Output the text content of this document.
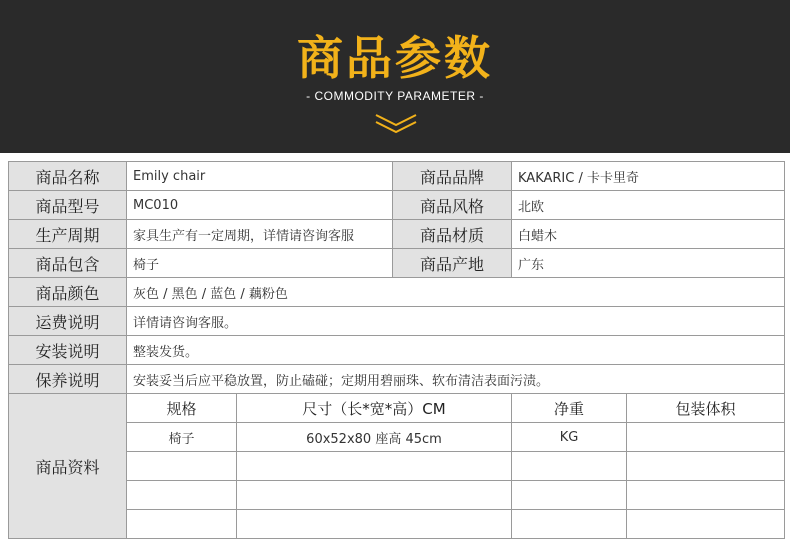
商品参数
- COMMODITY PARAMETER -
商品名称	Emily chair		商品品牌	KAKARIC / 卡卡里奇	
商品型号	MC010		商品风格	北欧	
生产周期	家具生产有一定周期，详情请咨询客服		商品材质	白蜡木	
商品包含	椅子		商品产地	广东	
商品颜色	灰色 / 黑色 / 蓝色 / 藕粉色				
运费说明	详情请咨询客服。				
安装说明	整装发货。				
保养说明	安装妥当后应平稳放置，防止磕碰；定期用碧丽珠、软布清洁表面污渍。				
商品资料	规格	尺寸（长*宽*高）CM		净重	包装体积
	椅子	60x52x80 座高 45cm		KG	
